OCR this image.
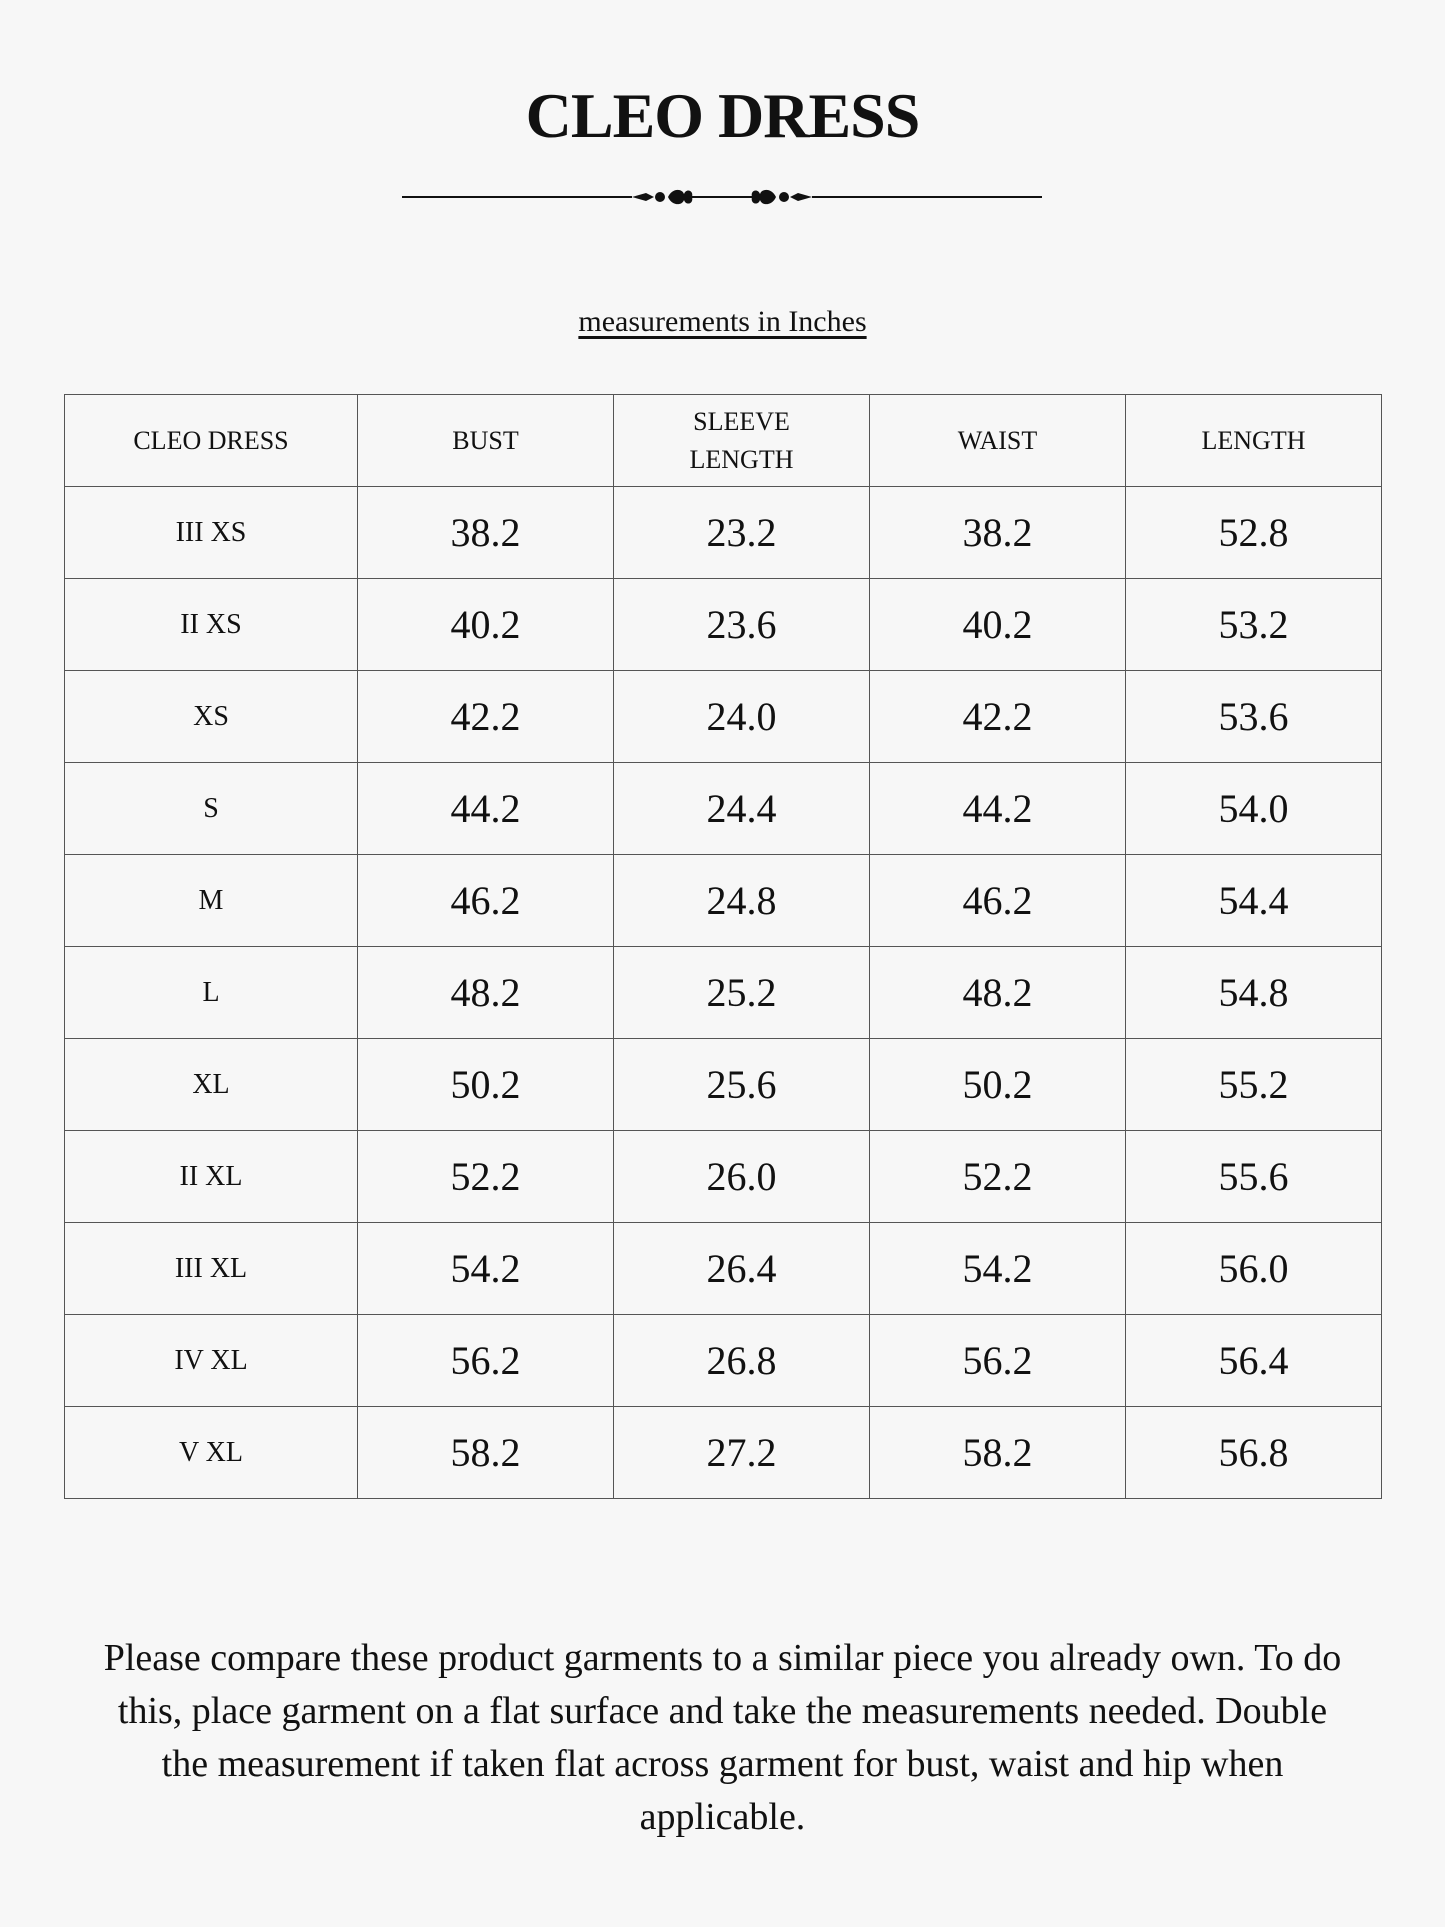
CLEO DRESS
measurements in Inches
CLEO DRESS	BUST	SLEEVE LENGTH	WAIST	LENGTH
III XS	38.2	23.2	38.2	52.8
II XS	40.2	23.6	40.2	53.2
XS	42.2	24.0	42.2	53.6
S	44.2	24.4	44.2	54.0
M	46.2	24.8	46.2	54.4
L	48.2	25.2	48.2	54.8
XL	50.2	25.6	50.2	55.2
II XL	52.2	26.0	52.2	55.6
III XL	54.2	26.4	54.2	56.0
IV XL	56.2	26.8	56.2	56.4
V XL	58.2	27.2	58.2	56.8
Please compare these product garments to a similar piece you already own. To do this, place garment on a flat surface and take the measurements needed. Double the measurement if taken flat across garment for bust, waist and hip when applicable.
